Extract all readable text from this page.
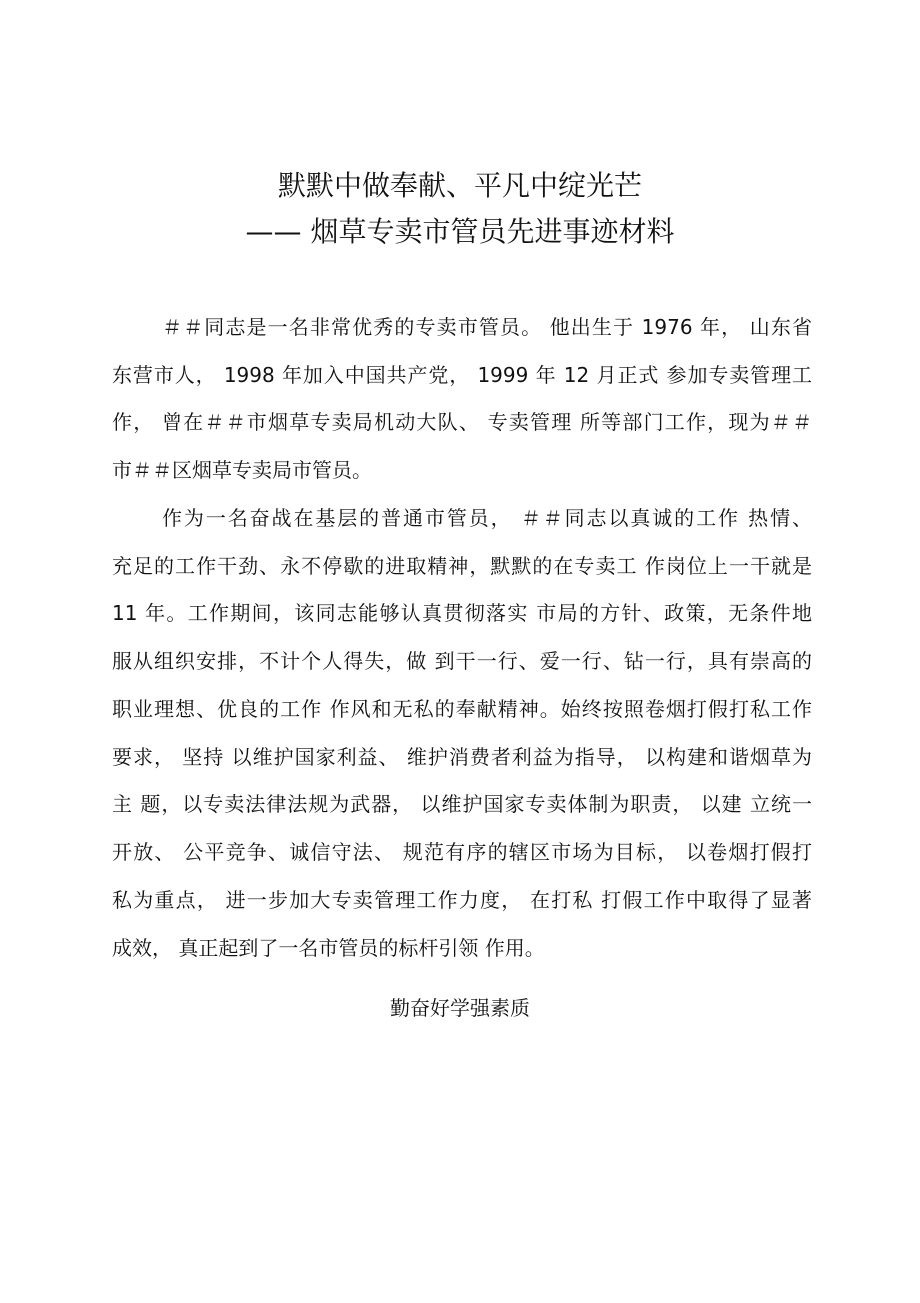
默默中做奉献、平凡中绽光芒
—— 烟草专卖市管员先进事迹材料
＃＃同志是一名非常优秀的专卖市管员。 他出生于 1976 年， 山东省
东营市人， 1998 年加入中国共产党， 1999 年 12 月正式 参加专卖管理工
作， 曾在＃＃市烟草专卖局机动大队、 专卖管理 所等部门工作，现为＃＃
市＃＃区烟草专卖局市管员。
作为一名奋战在基层的普通市管员， ＃＃同志以真诚的工作 热情、
充足的工作干劲、永不停歇的进取精神，默默的在专卖工 作岗位上一干就是
11 年。工作期间，该同志能够认真贯彻落实 市局的方针、政策，无条件地
服从组织安排，不计个人得失，做 到干一行、爱一行、钻一行，具有崇高的
职业理想、优良的工作 作风和无私的奉献精神。始终按照卷烟打假打私工作
要求， 坚持 以维护国家利益、 维护消费者利益为指导， 以构建和谐烟草为
主 题，以专卖法律法规为武器， 以维护国家专卖体制为职责， 以建 立统一
开放、 公平竞争、诚信守法、 规范有序的辖区市场为目标， 以卷烟打假打
私为重点， 进一步加大专卖管理工作力度， 在打私 打假工作中取得了显著
成效， 真正起到了一名市管员的标杆引领 作用。
勤奋好学强素质
